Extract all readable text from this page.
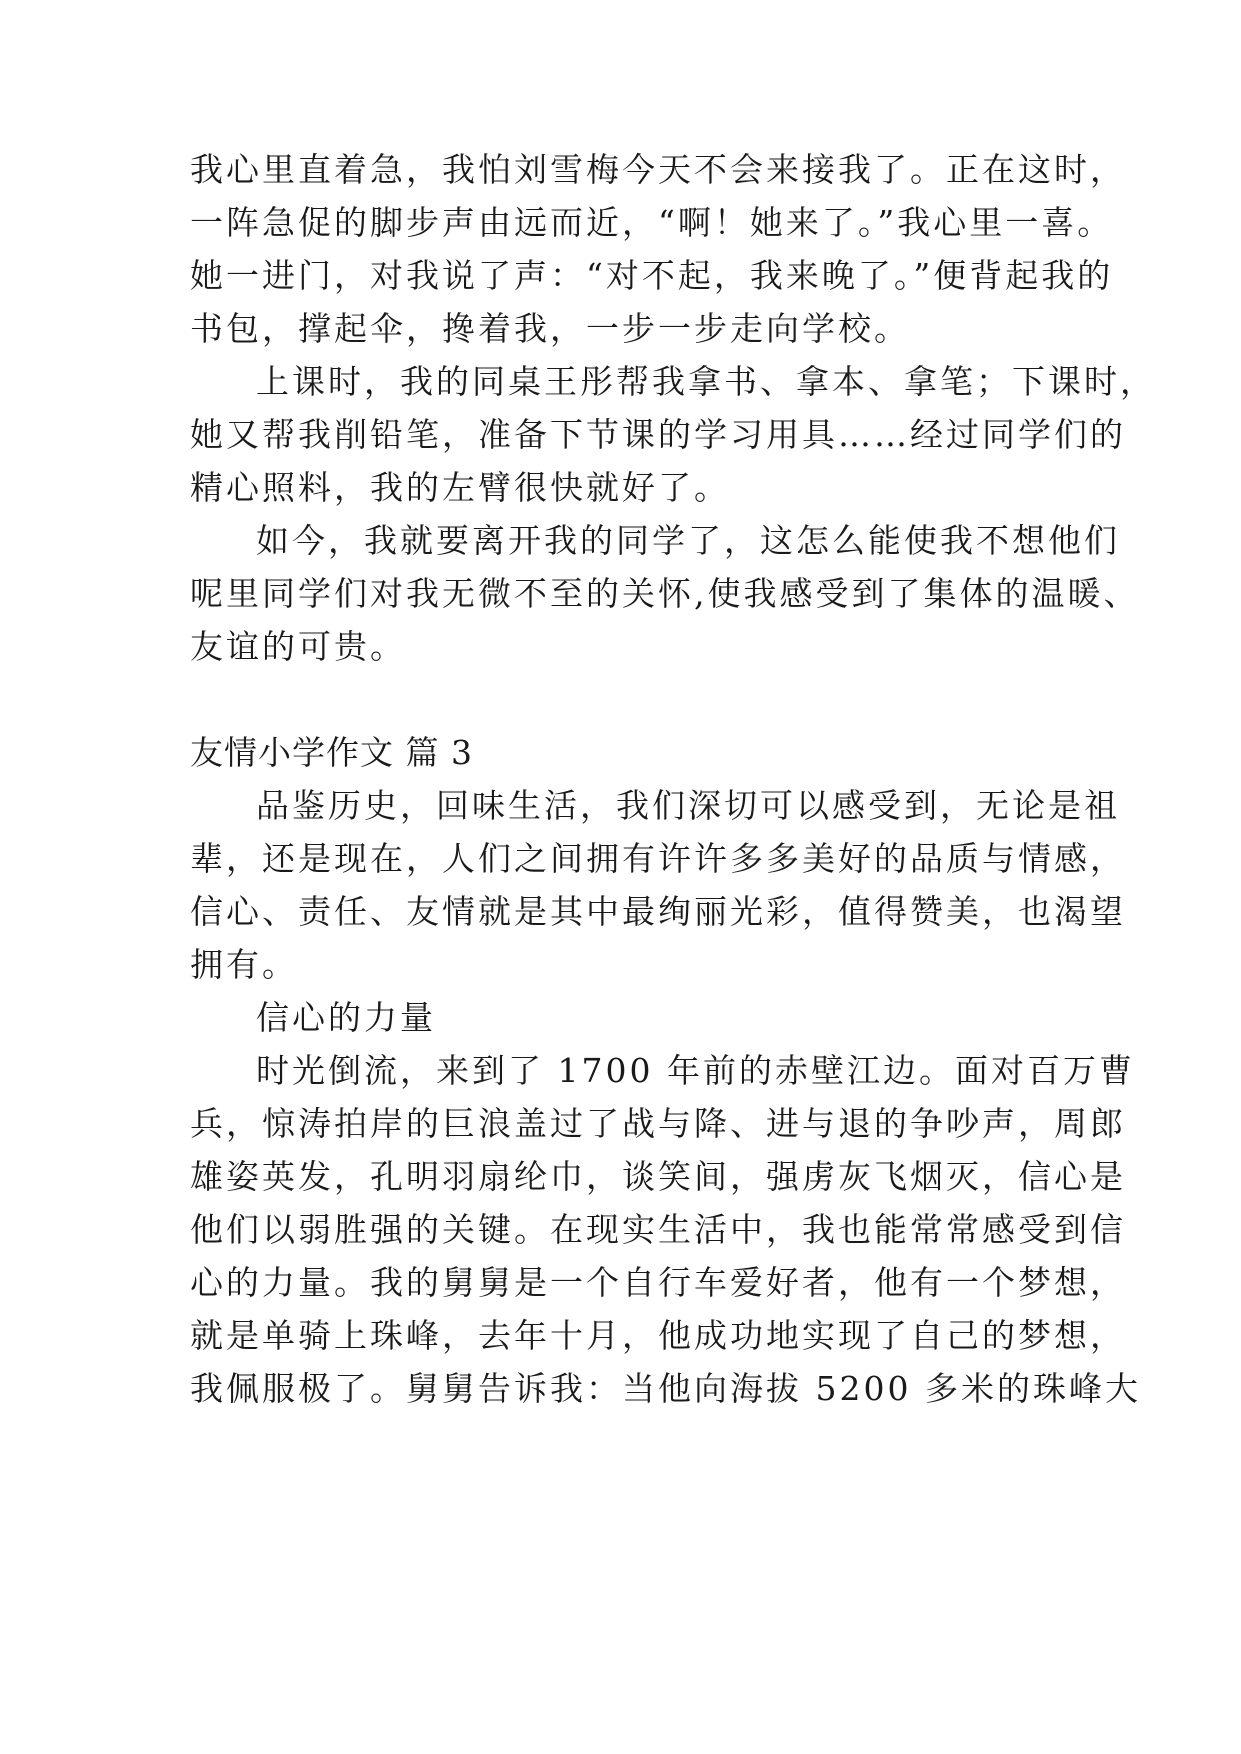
我心里直着急，我怕刘雪梅今天不会来接我了。正在这时，
一阵急促的脚步声由远而近，“啊！她来了。”我心里一喜。
她一进门，对我说了声：“对不起，我来晚了。”便背起我的
书包，撑起伞，搀着我，一步一步走向学校。
上课时，我的同桌王彤帮我拿书、拿本、拿笔；下课时，
她又帮我削铅笔，准备下节课的学习用具……经过同学们的
精心照料，我的左臂很快就好了。
如今，我就要离开我的同学了，这怎么能使我不想他们
呢里同学们对我无微不至的关怀,使我感受到了集体的温暖、
友谊的可贵。
友情小学作文 篇 3
品鉴历史，回味生活，我们深切可以感受到，无论是祖
辈，还是现在，人们之间拥有许许多多美好的品质与情感，
信心、责任、友情就是其中最绚丽光彩，值得赞美，也渴望
拥有。
信心的力量
时光倒流，来到了 1700 年前的赤壁江边。面对百万曹
兵，惊涛拍岸的巨浪盖过了战与降、进与退的争吵声，周郎
雄姿英发，孔明羽扇纶巾，谈笑间，强虏灰飞烟灭，信心是
他们以弱胜强的关键。在现实生活中，我也能常常感受到信
心的力量。我的舅舅是一个自行车爱好者，他有一个梦想，
就是单骑上珠峰，去年十月，他成功地实现了自己的梦想，
我佩服极了。舅舅告诉我：当他向海拔 5200 多米的珠峰大
